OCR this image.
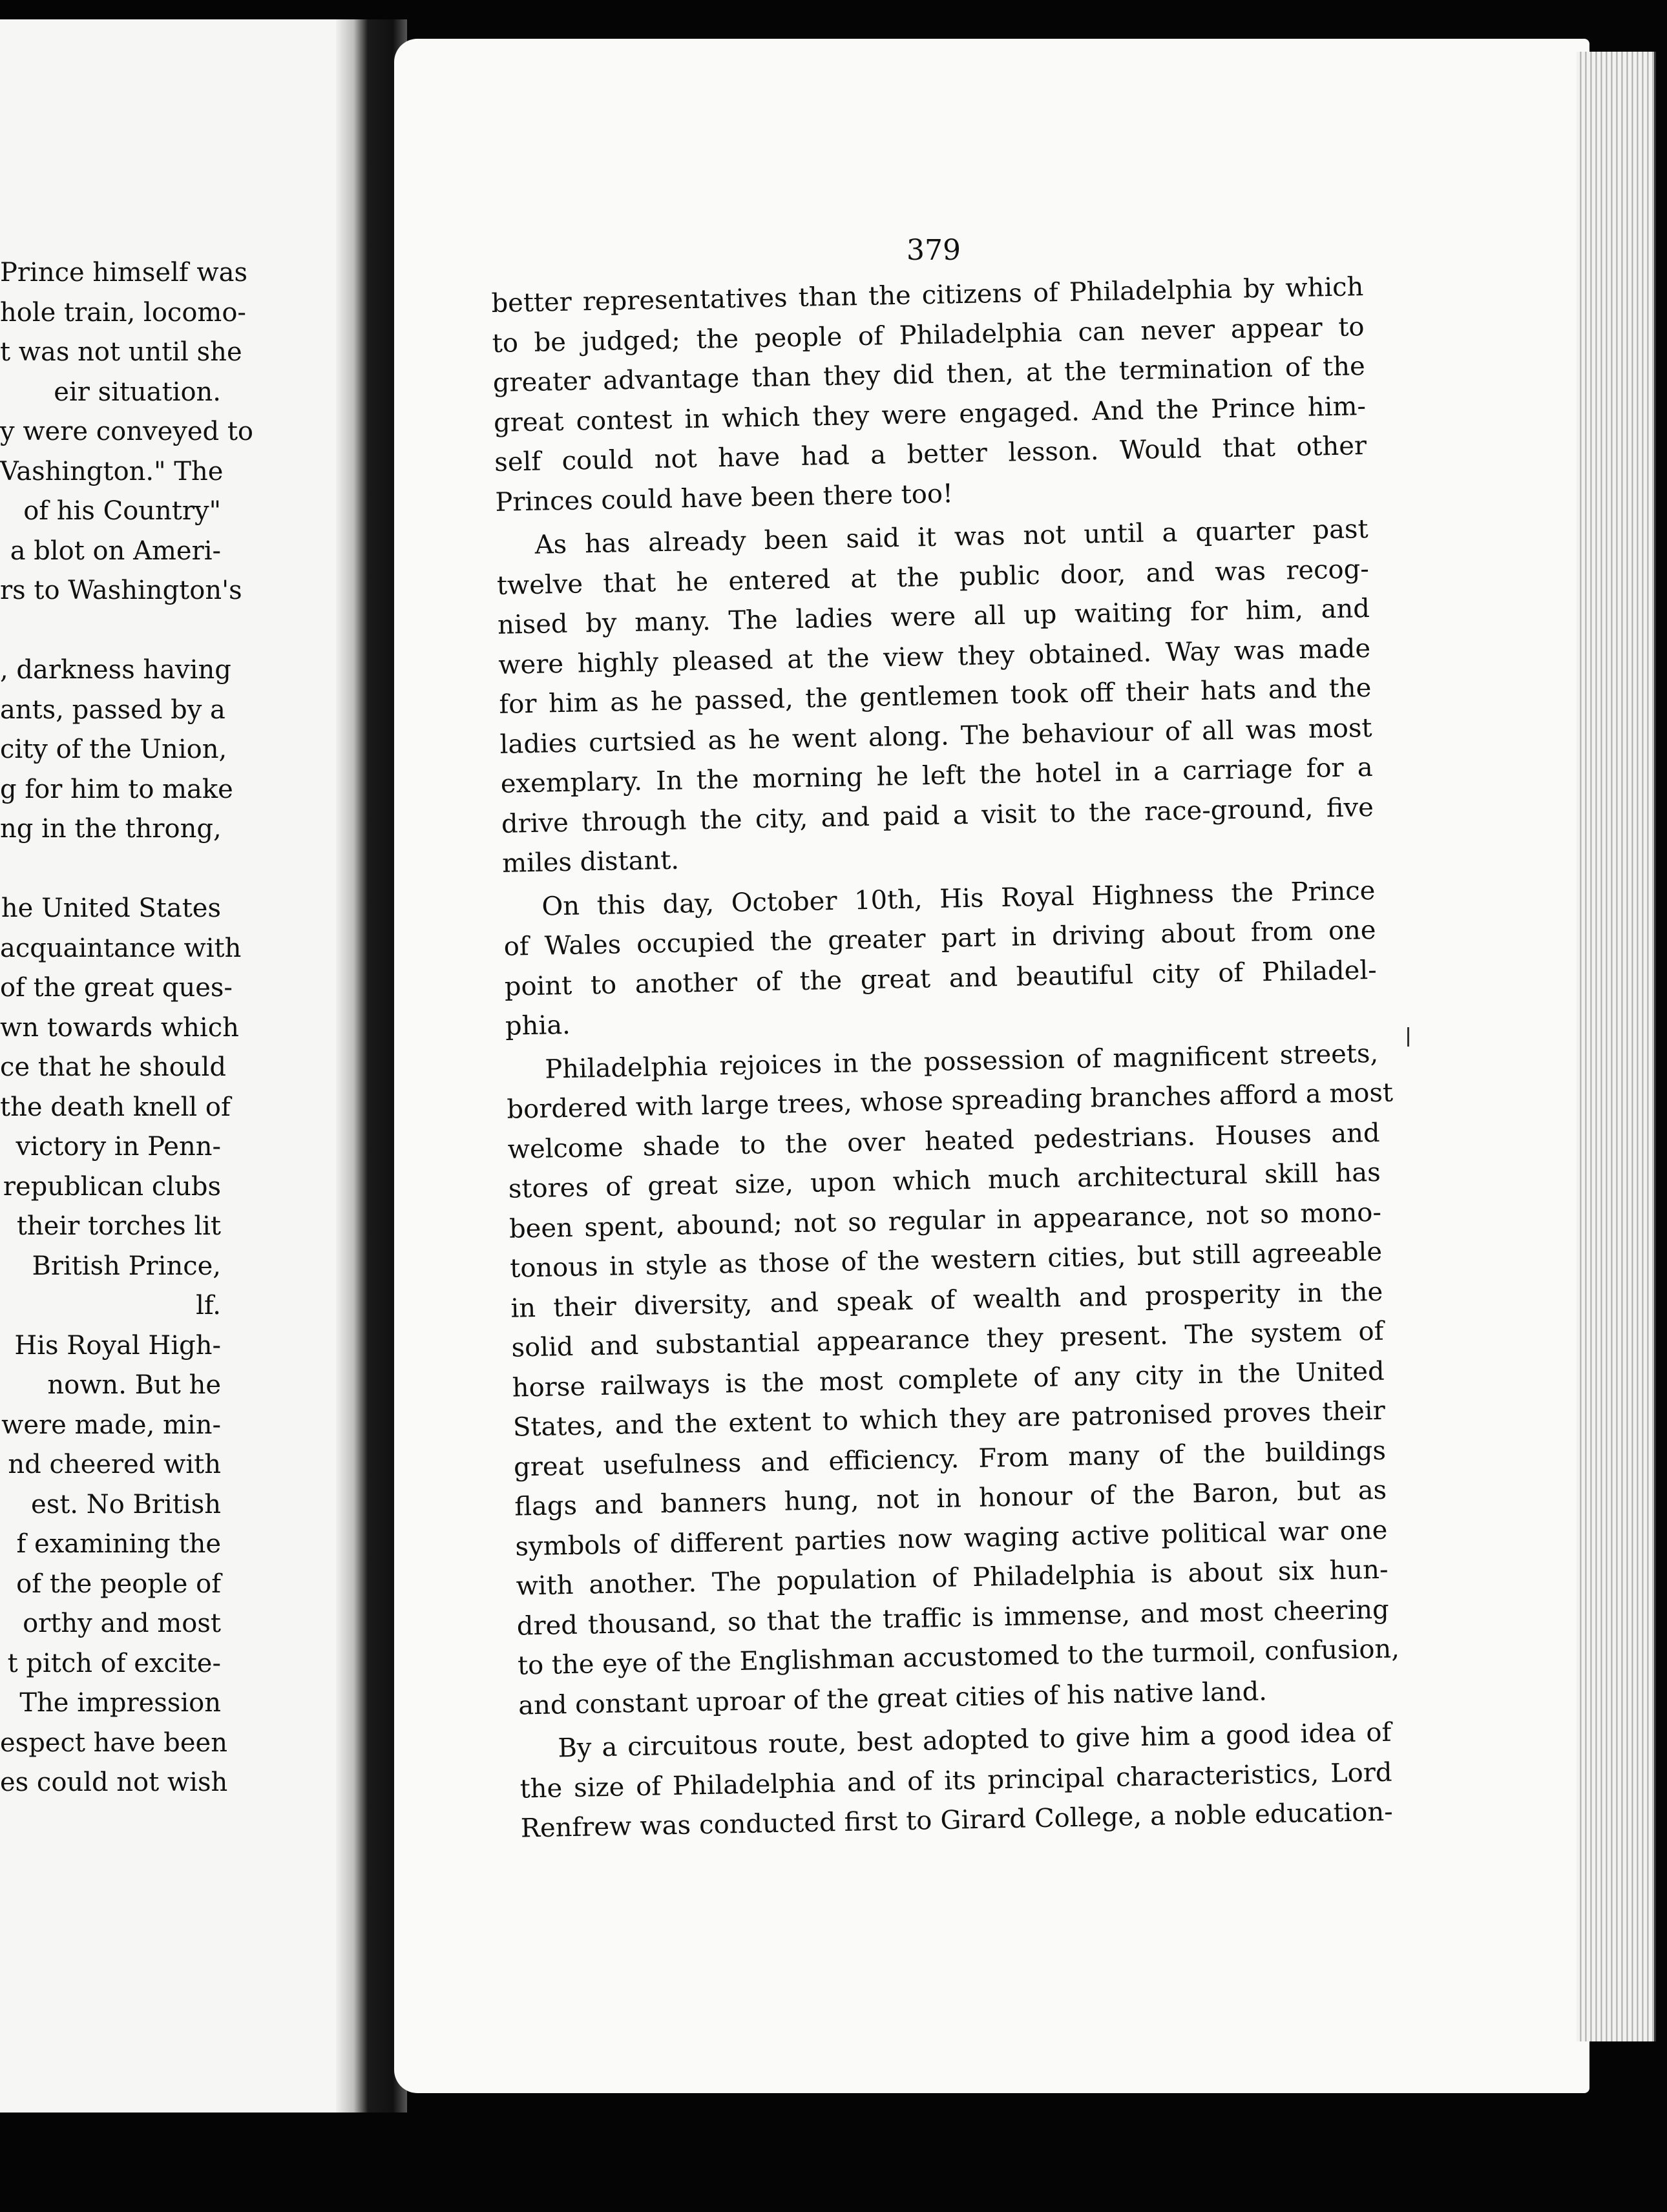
Prince himself was
hole train, locomo-
t was not until she
eir situation.
y were conveyed to
Vashington." The
of his Country"
a blot on Ameri-
rs to Washington's
, darkness having
ants, passed by a
city of the Union,
g for him to make
ng in the throng,
he United States
acquaintance with
of the great ques-
wn towards which
ce that he should
the death knell of
victory in Penn-
republican clubs
their torches lit
British Prince,
lf.
His Royal High-
nown. But he
were made, min-
nd cheered with
est. No British
f examining the
of the people of
orthy and most
t pitch of excite-
The impression
espect have been
es could not wish
379
better representatives than the citizens of Philadelphia by which
to be judged; the people of Philadelphia can never appear to
greater advantage than they did then, at the termination of the
great contest in which they were engaged. And the Prince him-
self could not have had a better lesson. Would that other
Princes could have been there too!
As has already been said it was not until a quarter past
twelve that he entered at the public door, and was recog-
nised by many. The ladies were all up waiting for him, and
were highly pleased at the view they obtained. Way was made
for him as he passed, the gentlemen took off their hats and the
ladies curtsied as he went along. The behaviour of all was most
exemplary. In the morning he left the hotel in a carriage for a
drive through the city, and paid a visit to the race-ground, five
miles distant.
On this day, October 10th, His Royal Highness the Prince
of Wales occupied the greater part in driving about from one
point to another of the great and beautiful city of Philadel-
phia.
Philadelphia rejoices in the possession of magnificent streets,
bordered with large trees, whose spreading branches afford a most
welcome shade to the over heated pedestrians. Houses and
stores of great size, upon which much architectural skill has
been spent, abound; not so regular in appearance, not so mono-
tonous in style as those of the western cities, but still agreeable
in their diversity, and speak of wealth and prosperity in the
solid and substantial appearance they present. The system of
horse railways is the most complete of any city in the United
States, and the extent to which they are patronised proves their
great usefulness and efficiency. From many of the buildings
flags and banners hung, not in honour of the Baron, but as
symbols of different parties now waging active political war one
with another. The population of Philadelphia is about six hun-
dred thousand, so that the traffic is immense, and most cheering
to the eye of the Englishman accustomed to the turmoil, confusion,
and constant uproar of the great cities of his native land.
By a circuitous route, best adopted to give him a good idea of
the size of Philadelphia and of its principal characteristics, Lord
Renfrew was conducted first to Girard College, a noble education-
